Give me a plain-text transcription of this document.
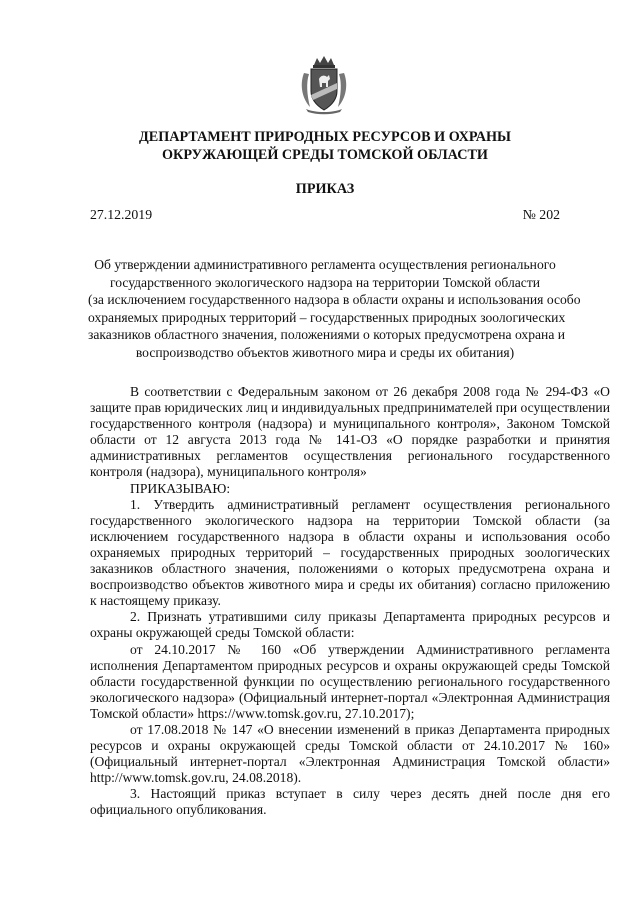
ДЕПАРТАМЕНТ ПРИРОДНЫХ РЕСУРСОВ И ОХРАНЫ
ОКРУЖАЮЩЕЙ СРЕДЫ ТОМСКОЙ ОБЛАСТИ
ПРИКАЗ
27.12.2019	№ 202
Об утверждении административного регламента осуществления регионального
государственного экологического надзора на территории Томской области
(за исключением государственного надзора в области охраны и использования особо
охраняемых природных территорий – государственных природных зоологических
заказников областного значения, положениями о которых предусмотрена охрана и
воспроизводство объектов животного мира и среды их обитания)

В соответствии с Федеральным законом от 26 декабря 2008 года № 294-ФЗ «О защите прав юридических лиц и индивидуальных предпринимателей при осуществлении государственного контроля (надзора) и муниципального контроля», Законом Томской области от 12 августа 2013 года № 141-ОЗ «О порядке разработки и принятия административных регламентов осуществления регионального государственного контроля (надзора), муниципального контроля»

ПРИКАЗЫВАЮ:

1. Утвердить административный регламент осуществления регионального государственного экологического надзора на территории Томской области (за исключением государственного надзора в области охраны и использования особо охраняемых природных территорий – государственных природных зоологических заказников областного значения, положениями о которых предусмотрена охрана и воспроизводство объектов животного мира и среды их обитания) согласно приложению к настоящему приказу.

2. Признать утратившими силу приказы Департамента природных ресурсов и охраны окружающей среды Томской области:

от 24.10.2017 № 160 «Об утверждении Административного регламента исполнения Департаментом природных ресурсов и охраны окружающей среды Томской области государственной функции по осуществлению регионального государственного экологического надзора» (Официальный интернет-портал «Электронная Администрация Томской области» https://www.tomsk.gov.ru, 27.10.2017);

от 17.08.2018 № 147 «О внесении изменений в приказ Департамента природных ресурсов и охраны окружающей среды Томской области от 24.10.2017 № 160» (Официальный интернет-портал «Электронная Администрация Томской области» http://www.tomsk.gov.ru, 24.08.2018).

3. Настоящий приказ вступает в силу через десять дней после дня его официального опубликования.
